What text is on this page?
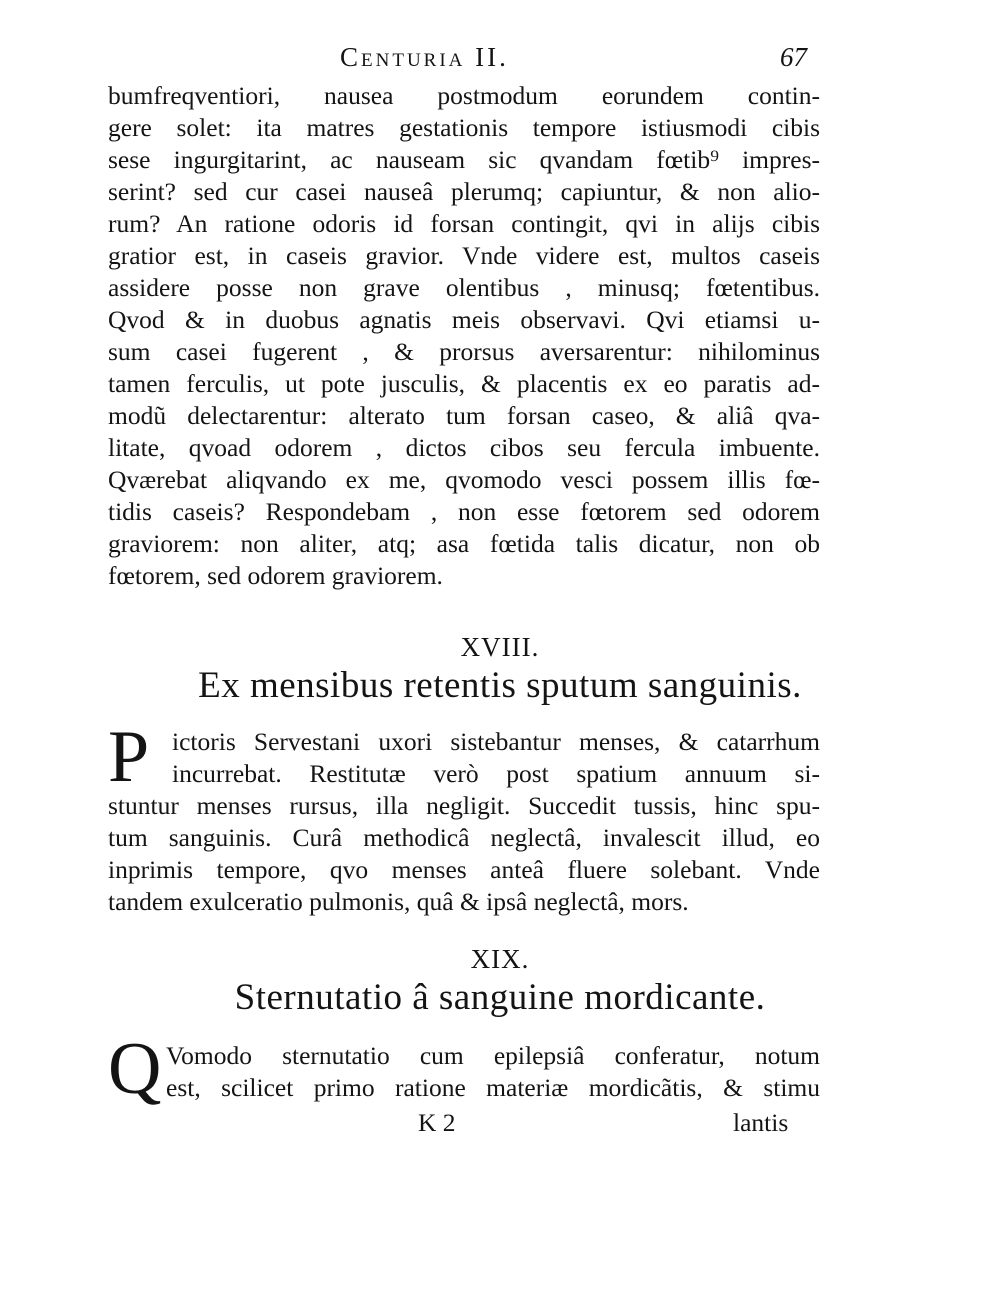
Centuria II.	67
bumfreqventiori, nausea postmodum eorundem contin-
gere solet: ita matres gestationis tempore istiusmodi cibis
sese ingurgitarint, ac nauseam sic qvandam fœtib⁹ impres-
serint? sed cur casei nauseâ plerumq; capiuntur, & non alio-
rum? An ratione odoris id forsan contingit, qvi in alijs cibis
gratior est, in caseis gravior. Vnde videre est, multos caseis
assidere posse non grave olentibus , minusq; fœtentibus.
Qvod & in duobus agnatis meis observavi. Qvi etiamsi u-
sum casei fugerent , & prorsus aversarentur: nihilominus
tamen ferculis, ut pote jusculis, & placentis ex eo paratis ad-
modũ delectarentur: alterato tum forsan caseo, & aliâ qva-
litate, qvoad odorem , dictos cibos seu fercula imbuente.
Qværebat aliqvando ex me, qvomodo vesci possem illis fœ-
tidis caseis? Respondebam , non esse fœtorem sed odorem
graviorem: non aliter, atq; asa fœtida talis dicatur, non ob
fœtorem, sed odorem graviorem.
XVIII.
Ex mensibus retentis sputum sanguinis.
P ictoris Servestani uxori sistebantur menses, & catarrhum
incurrebat. Restitutæ verò post spatium annuum si-
stuntur menses rursus, illa negligit. Succedit tussis, hinc spu-
tum sanguinis. Curâ methodicâ neglectâ, invalescit illud, eo
inprimis tempore, qvo menses anteâ fluere solebant. Vnde
tandem exulceratio pulmonis, quâ & ipsâ neglectâ, mors.
XIX.
Sternutatio â sanguine mordicante.
Q Vomodo sternutatio cum epilepsiâ conferatur, notum
est, scilicet primo ratione materiæ mordicãtis, & stimu
K 2	lantis
